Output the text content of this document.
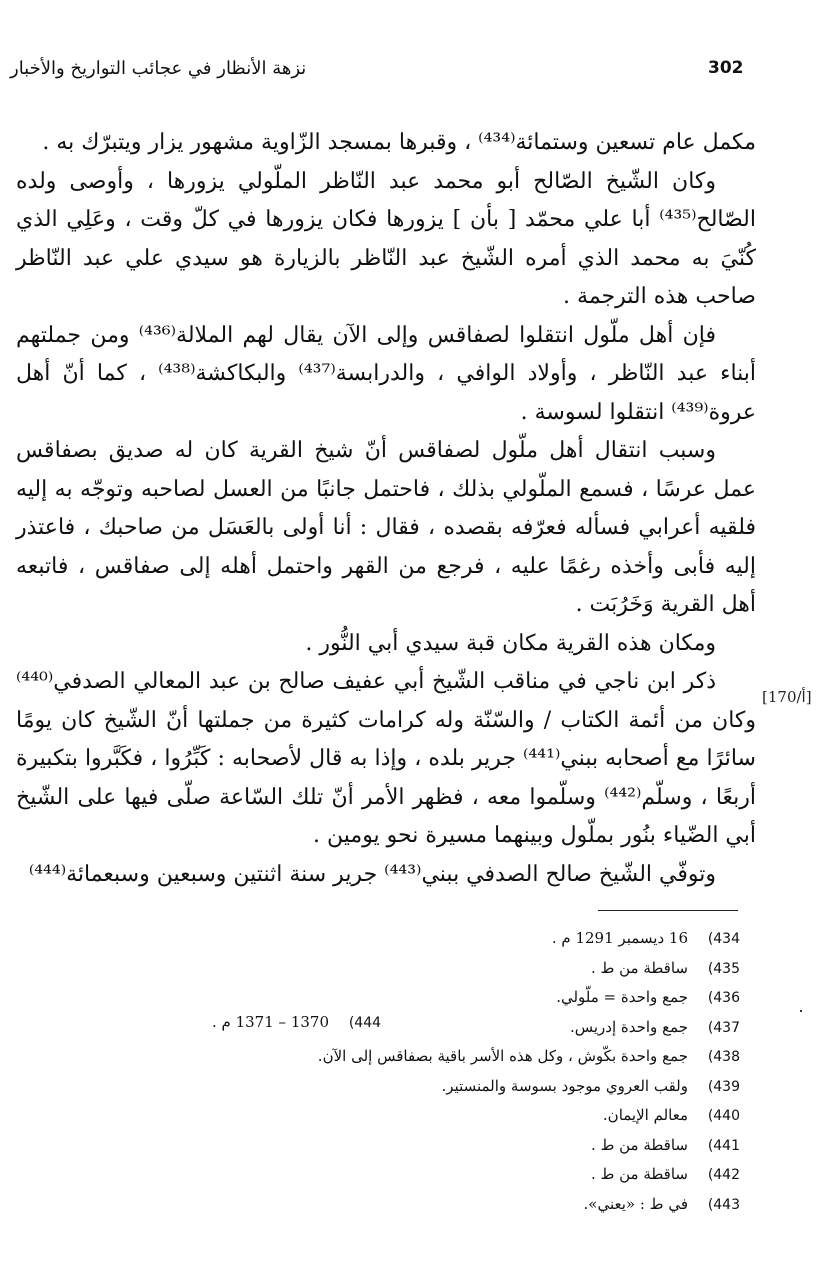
302
نزهة الأنظار في عجائب التواريخ والأخبار

مكمل عام تسعين وستمائة⁽⁴³⁴⁾ ، وقبرها بمسجد الزّاوية مشهور يزار ويتبرّك به .

وكان الشّيخ الصّالح أبو محمد عبد النّاظر الملّولي يزورها ، وأوصى ولده الصّالح⁽⁴³⁵⁾ أبا علي محمّد [ بأن ] يزورها فكان يزورها في كلّ وقت ، وعَلِي الذي كُنّيَ به محمد الذي أمره الشّيخ عبد النّاظر بالزيارة هو سيدي علي عبد النّاظر صاحب هذه الترجمة .

فإن أهل ملّول انتقلوا لصفاقس وإلى الآن يقال لهم الملالة⁽⁴³⁶⁾ ومن جملتهم أبناء عبد النّاظر ، وأولاد الوافي ، والدرابسة⁽⁴³⁷⁾ والبكاكشة⁽⁴³⁸⁾ ، كما أنّ أهل عروة⁽⁴³⁹⁾ انتقلوا لسوسة .

وسبب انتقال أهل ملّول لصفاقس أنّ شيخ القرية كان له صديق بصفاقس عمل عرسًا ، فسمع الملّولي بذلك ، فاحتمل جانبًا من العسل لصاحبه وتوجّه به إليه فلقيه أعرابي فسأله فعرّفه بقصده ، فقال : أنا أولى بالعَسَل من صاحبك ، فاعتذر إليه فأبى وأخذه رغمًا عليه ، فرجع من القهر واحتمل أهله إلى صفاقس ، فاتبعه أهل القرية وَخَرُبَت .

ومكان هذه القرية مكان قبة سيدي أبي النُّور .

ذكر ابن ناجي في مناقب الشّيخ أبي عفيف صالح بن عبد المعالي الصدفي⁽⁴⁴⁰⁾ وكان من أئمة الكتاب / والسّنّة وله كرامات كثيرة من جملتها أنّ الشّيخ كان يومًا سائرًا مع أصحابه ببني⁽⁴⁴¹⁾ جرير بلده ، وإذا به قال لأصحابه : كَبِّرُوا ، فكَبَّروا بتكبيرة أربعًا ، وسلّم⁽⁴⁴²⁾ وسلّموا معه ، فظهر الأمر أنّ تلك السّاعة صلّى فيها على الشّيخ أبي الضّياء بنُور بملّول وبينهما مسيرة نحو يومين .

وتوفّي الشّيخ صالح الصدفي ببني⁽⁴⁴³⁾ جرير سنة اثنتين وسبعين وسبعمائة⁽⁴⁴⁴⁾

[170/أ]
(43416 ديسمبر 1291 م .
(435ساقطة من ط .
(436جمع واحدة = ملّولي.
(437جمع واحدة إدريس.
(438جمع واحدة بكّوش ، وكل هذه الأسر باقية بصفاقس إلى الآن.
(439ولقب العروي موجود بسوسة والمنستير.
(440معالم الإيمان.
(441ساقطة من ط .
(442ساقطة من ط .
(443في ط : «يعني».
(4441370 – 1371 م .
